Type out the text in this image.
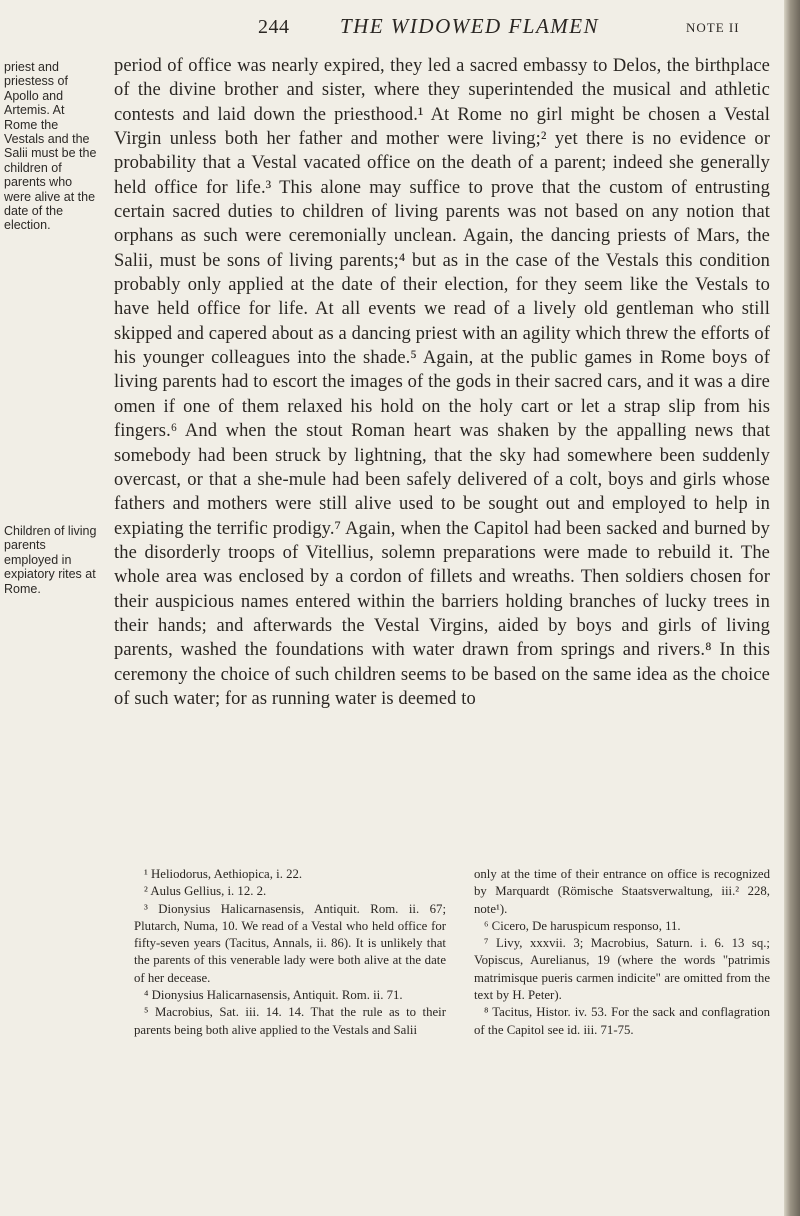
244 THE WIDOWED FLAMEN	NOTE II
priest and priestess of Apollo and Artemis. At Rome the Vestals and the Salii must be the children of parents who were alive at the date of the election.
Children of living parents employed in expiatory rites at Rome.

period of office was nearly expired, they led a sacred embassy to Delos, the birthplace of the divine brother and sister, where they superintended the musical and athletic contests and laid down the priesthood.¹ At Rome no girl might be chosen a Vestal Virgin unless both her father and mother were living;² yet there is no evidence or probability that a Vestal vacated office on the death of a parent; indeed she generally held office for life.³ This alone may suffice to prove that the custom of entrusting certain sacred duties to children of living parents was not based on any notion that orphans as such were ceremonially unclean. Again, the dancing priests of Mars, the Salii, must be sons of living parents;⁴ but as in the case of the Vestals this condition probably only applied at the date of their election, for they seem like the Vestals to have held office for life. At all events we read of a lively old gentleman who still skipped and capered about as a dancing priest with an agility which threw the efforts of his younger colleagues into the shade.⁵ Again, at the public games in Rome boys of living parents had to escort the images of the gods in their sacred cars, and it was a dire omen if one of them relaxed his hold on the holy cart or let a strap slip from his fingers.⁶ And when the stout Roman heart was shaken by the appalling news that somebody had been struck by lightning, that the sky had somewhere been suddenly overcast, or that a she-mule had been safely delivered of a colt, boys and girls whose fathers and mothers were still alive used to be sought out and employed to help in expiating the terrific prodigy.⁷ Again, when the Capitol had been sacked and burned by the disorderly troops of Vitellius, solemn preparations were made to rebuild it. The whole area was enclosed by a cordon of fillets and wreaths. Then soldiers chosen for their auspicious names entered within the barriers holding branches of lucky trees in their hands; and afterwards the Vestal Virgins, aided by boys and girls of living parents, washed the foundations with water drawn from springs and rivers.⁸ In this ceremony the choice of such children seems to be based on the same idea as the choice of such water; for as running water is deemed to

¹ Heliodorus, Aethiopica, i. 22.

² Aulus Gellius, i. 12. 2.

³ Dionysius Halicarnasensis, Antiquit. Rom. ii. 67; Plutarch, Numa, 10. We read of a Vestal who held office for fifty-seven years (Tacitus, Annals, ii. 86). It is unlikely that the parents of this venerable lady were both alive at the date of her decease.

⁴ Dionysius Halicarnasensis, Antiquit. Rom. ii. 71.

⁵ Macrobius, Sat. iii. 14. 14. That the rule as to their parents being both alive applied to the Vestals and Salii

only at the time of their entrance on office is recognized by Marquardt (Römische Staatsverwaltung, iii.² 228, note¹).

⁶ Cicero, De haruspicum responso, 11.

⁷ Livy, xxxvii. 3; Macrobius, Saturn. i. 6. 13 sq.; Vopiscus, Aurelianus, 19 (where the words "patrimis matrimisque pueris carmen indicite" are omitted from the text by H. Peter).

⁸ Tacitus, Histor. iv. 53. For the sack and conflagration of the Capitol see id. iii. 71-75.
